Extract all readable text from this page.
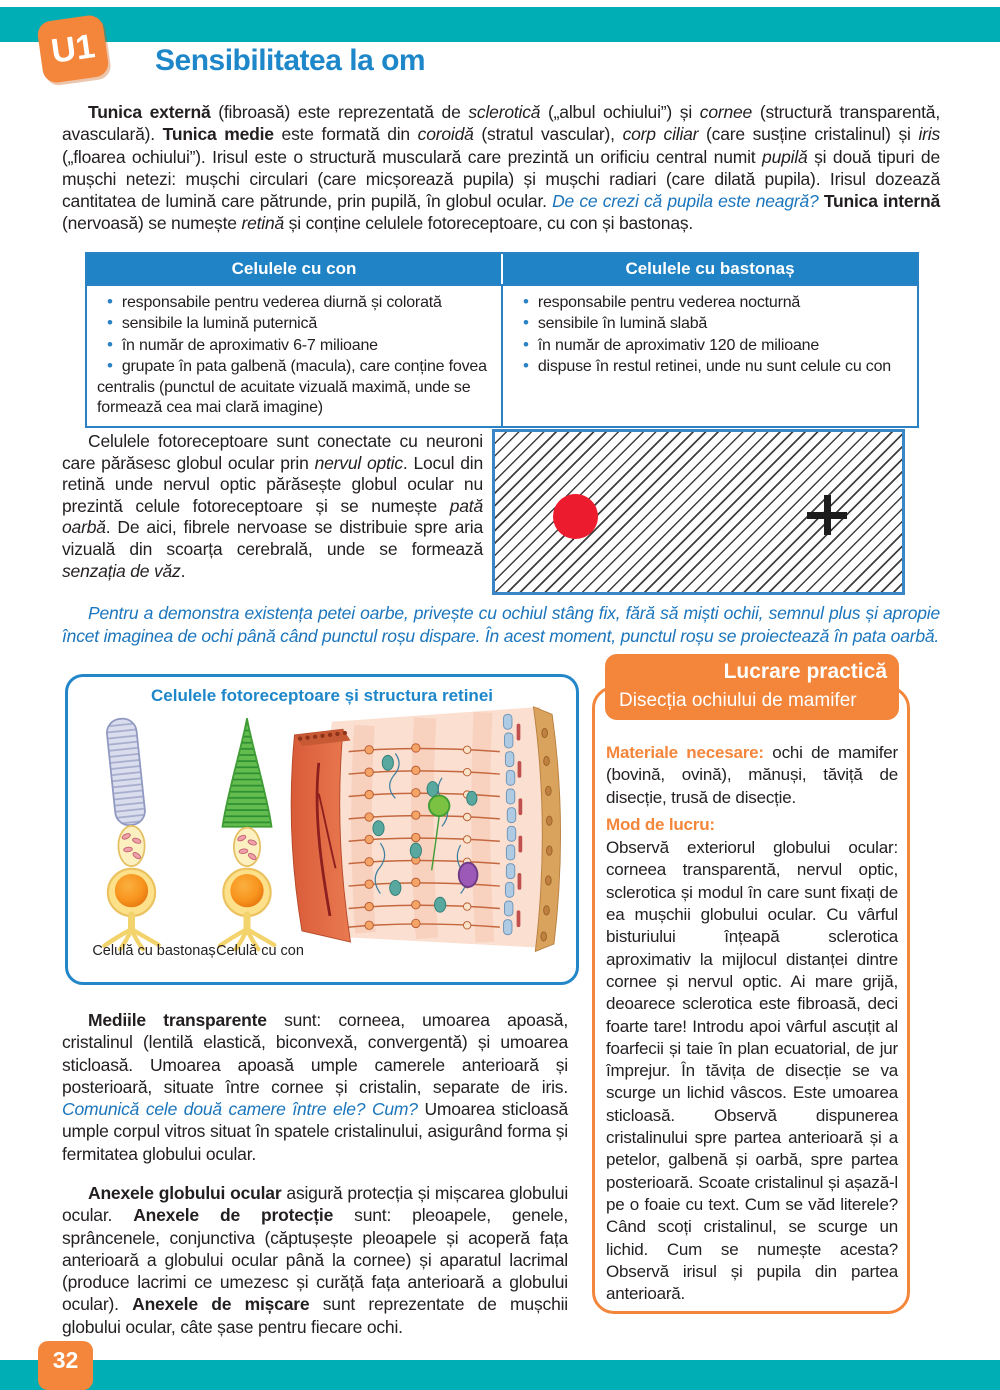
U1 Sensibilitatea la om
Tunica externă (fibroasă) este reprezentată de sclerotică („albul ochiului”) și cornee (structură transparentă, avasculară). Tunica medie este formată din coroidă (stratul vascular), corp ciliar (care susține cristalinul) și iris („floarea ochiului”). Irisul este o structură musculară care prezintă un orificiu central numit pupilă și două tipuri de mușchi netezi: mușchi circulari (care micșorează pupila) și mușchi radiari (care dilată pupila). Irisul dozează cantitatea de lumină care pătrunde, prin pupilă, în globul ocular. De ce crezi că pupila este neagră? Tunica internă (nervoasă) se numește retină și conține celulele fotoreceptoare, cu con și bastonaș.
Celulele cu con	Celulele cu bastonaș
•  responsabile pentru vederea diurnă și colorată
•  sensibile la lumină puternică
•  în număr de aproximativ 6-7 milioane
•  grupate în pata galbenă (macula), care conține fovea centralis (punctul de acuitate vizuală maximă, unde se formează cea mai clară imagine)
•  responsabile pentru vederea nocturnă
•  sensibile în lumină slabă
•  în număr de aproximativ 120 de milioane
•  dispuse în restul retinei, unde nu sunt celule cu con
Celulele fotoreceptoare sunt conectate cu neuroni care părăsesc globul ocular prin nervul optic. Locul din retină unde nervul optic părăsește globul ocular nu prezintă celule fotoreceptoare și se numește pată oarbă. De aici, fibrele nervoase se distribuie spre aria vizuală din scoarța cerebrală, unde se formează senzația de văz.
Pentru a demonstra existența petei oarbe, privește cu ochiul stâng fix, fără să miști ochii, semnul plus și apropie încet imaginea de ochi până când punctul roșu dispare. În acest moment, punctul roșu se proiectează în pata oarbă.
Celulele fotoreceptoare și structura retinei
Celulă cu bastonaș Celulă cu con
Mediile transparente sunt: corneea, umoarea apoasă, cristalinul (lentilă elastică, biconvexă, convergentă) și umoarea sticloasă. Umoarea apoasă umple camerele anterioară și posterioară, situate între cornee și cristalin, separate de iris. Comunică cele două camere între ele? Cum? Umoarea sticloasă umple corpul vitros situat în spatele cristalinului, asigurând forma și fermitatea globului ocular.
Anexele globului ocular asigură protecția și mișcarea globului ocular. Anexele de protecție sunt: pleoapele, genele, sprâncenele, conjunctiva (căptușește pleoapele și acoperă fața anterioară a globului ocular până la cornee) și aparatul lacrimal (produce lacrimi ce umezesc și curăță fața anterioară a globului ocular). Anexele de mișcare sunt reprezentate de mușchii globului ocular, câte șase pentru fiecare ochi.
Lucrare practică
Disecția ochiului de mamifer
Materiale necesare: ochi de mamifer (bovină, ovină), mănuși, tăviță de disecție, trusă de disecție.
Mod de lucru:
Observă exteriorul globului ocular: corneea transparentă, nervul optic, sclerotica și modul în care sunt fixați de ea mușchii globului ocular. Cu vârful bisturiului înțeapă sclerotica aproximativ la mijlocul distanței dintre cornee și nervul optic. Ai mare grijă, deoarece sclerotica este fibroasă, deci foarte tare! Introdu apoi vârful ascuțit al foarfecii și taie în plan ecuatorial, de jur împrejur. În tăvița de disecție se va scurge un lichid vâscos. Este umoarea sticloasă. Observă dispunerea cristalinului spre partea anterioară și a petelor, galbenă și oarbă, spre partea posterioară. Scoate cristalinul și așază-l pe o foaie cu text. Cum se văd literele? Când scoți cristalinul, se scurge un lichid. Cum se numește acesta? Observă irisul și pupila din partea anterioară.
32
